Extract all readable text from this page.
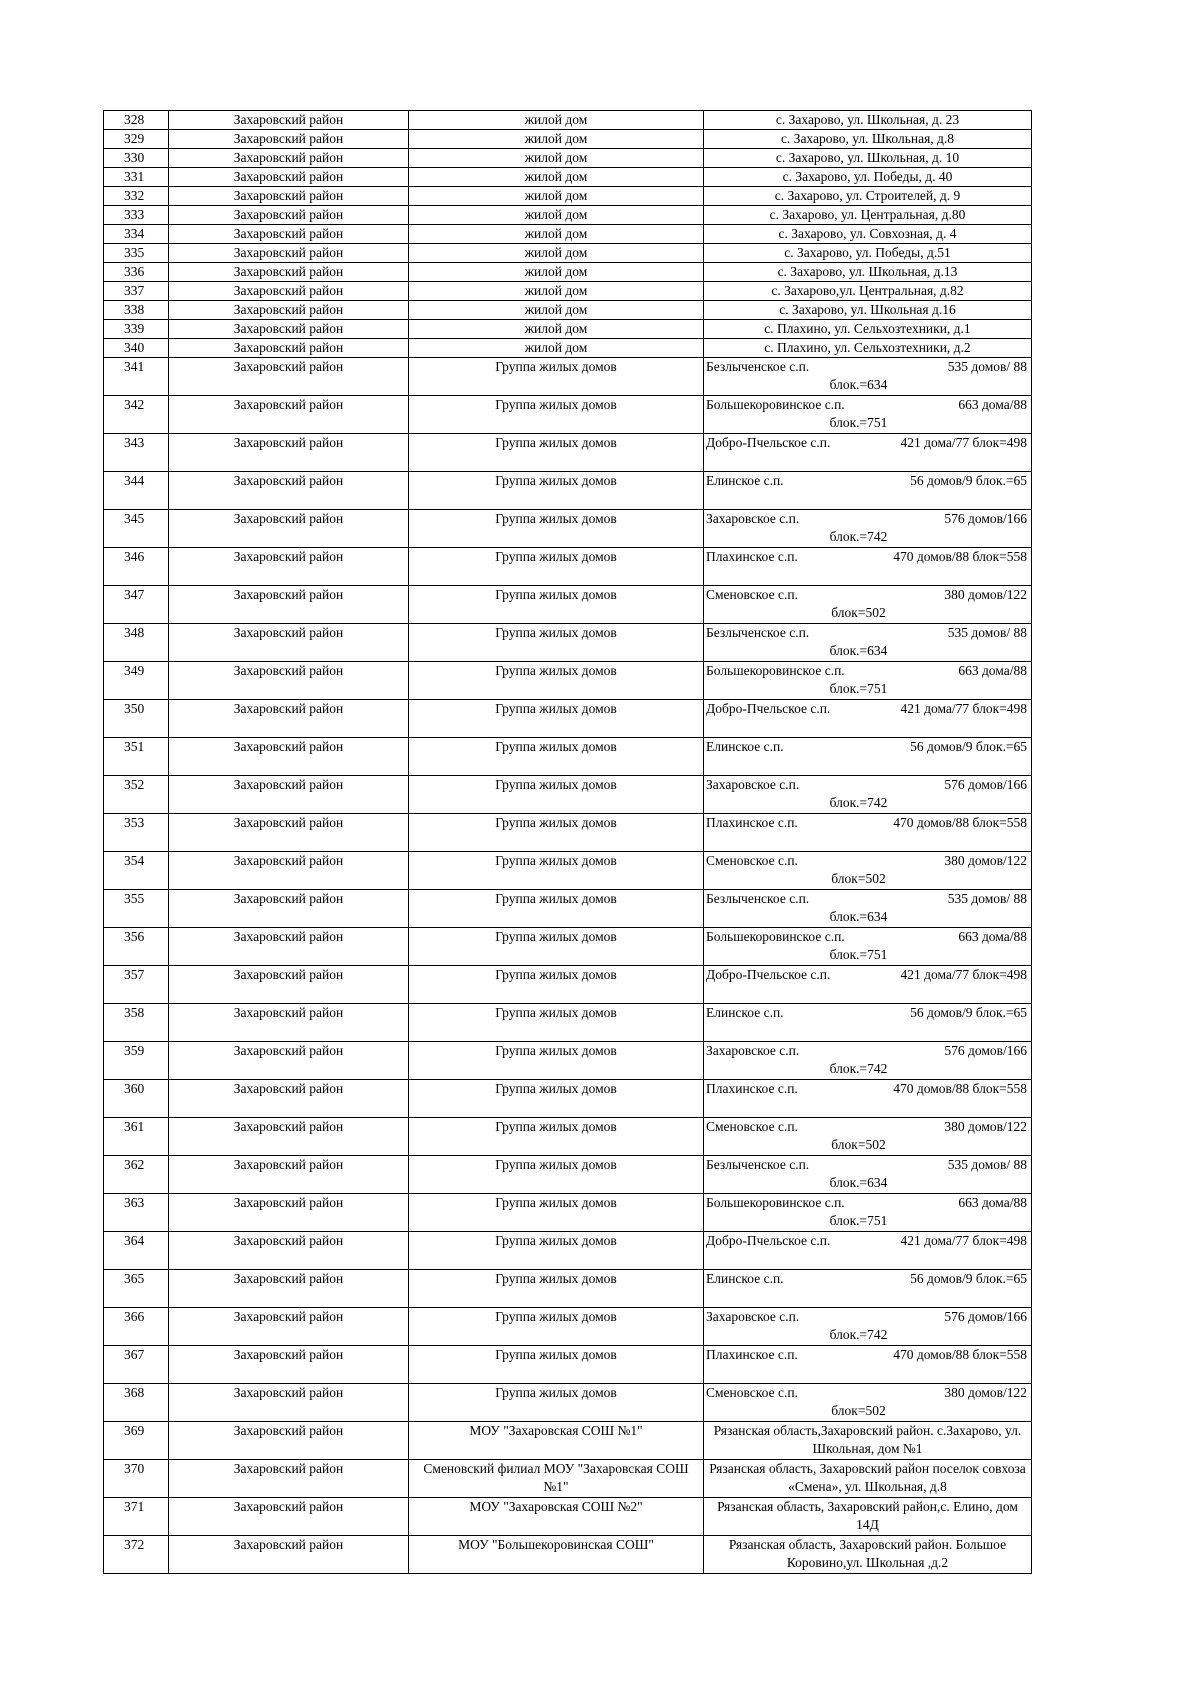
328	Захаровский район	жилой дом	с. Захарово, ул. Школьная, д. 23
329	Захаровский район	жилой дом	с. Захарово, ул. Школьная, д.8
330	Захаровский район	жилой дом	с. Захарово, ул. Школьная, д. 10
331	Захаровский район	жилой дом	с. Захарово, ул. Победы, д. 40
332	Захаровский район	жилой дом	с. Захарово, ул. Строителей, д. 9
333	Захаровский район	жилой дом	с. Захарово, ул. Центральная, д.80
334	Захаровский район	жилой дом	с. Захарово, ул. Совхозная, д. 4
335	Захаровский район	жилой дом	с. Захарово, ул. Победы, д.51
336	Захаровский район	жилой дом	с. Захарово, ул. Школьная, д.13
337	Захаровский район	жилой дом	с. Захарово,ул. Центральная, д.82
338	Захаровский район	жилой дом	с. Захарово, ул. Школьная д.16
339	Захаровский район	жилой дом	с. Плахино, ул. Сельхозтехники, д.1
340	Захаровский район	жилой дом	с. Плахино, ул. Сельхозтехники, д.2
341	Захаровский район	Группа жилых домов	Безлыченское с.п. 535 домов/ 88
блок.=634

342	Захаровский район	Группа жилых домов	Большекоровинское с.п. 663 дома/88
блок.=751

343	Захаровский район	Группа жилых домов	Добро-Пчельское с.п. 421 дома/77 блок=498

344	Захаровский район	Группа жилых домов	Елинское с.п. 56 домов/9 блок.=65

345	Захаровский район	Группа жилых домов	Захаровское с.п. 576 домов/166
блок.=742

346	Захаровский район	Группа жилых домов	Плахинское с.п. 470 домов/88 блок=558

347	Захаровский район	Группа жилых домов	Сменовское с.п. 380 домов/122
блок=502

348	Захаровский район	Группа жилых домов	Безлыченское с.п. 535 домов/ 88
блок.=634

349	Захаровский район	Группа жилых домов	Большекоровинское с.п. 663 дома/88
блок.=751

350	Захаровский район	Группа жилых домов	Добро-Пчельское с.п. 421 дома/77 блок=498

351	Захаровский район	Группа жилых домов	Елинское с.п. 56 домов/9 блок.=65

352	Захаровский район	Группа жилых домов	Захаровское с.п. 576 домов/166
блок.=742

353	Захаровский район	Группа жилых домов	Плахинское с.п. 470 домов/88 блок=558

354	Захаровский район	Группа жилых домов	Сменовское с.п. 380 домов/122
блок=502

355	Захаровский район	Группа жилых домов	Безлыченское с.п. 535 домов/ 88
блок.=634

356	Захаровский район	Группа жилых домов	Большекоровинское с.п. 663 дома/88
блок.=751

357	Захаровский район	Группа жилых домов	Добро-Пчельское с.п. 421 дома/77 блок=498

358	Захаровский район	Группа жилых домов	Елинское с.п. 56 домов/9 блок.=65

359	Захаровский район	Группа жилых домов	Захаровское с.п. 576 домов/166
блок.=742

360	Захаровский район	Группа жилых домов	Плахинское с.п. 470 домов/88 блок=558

361	Захаровский район	Группа жилых домов	Сменовское с.п. 380 домов/122
блок=502

362	Захаровский район	Группа жилых домов	Безлыченское с.п. 535 домов/ 88
блок.=634

363	Захаровский район	Группа жилых домов	Большекоровинское с.п. 663 дома/88
блок.=751

364	Захаровский район	Группа жилых домов	Добро-Пчельское с.п. 421 дома/77 блок=498

365	Захаровский район	Группа жилых домов	Елинское с.п. 56 домов/9 блок.=65

366	Захаровский район	Группа жилых домов	Захаровское с.п. 576 домов/166
блок.=742

367	Захаровский район	Группа жилых домов	Плахинское с.п. 470 домов/88 блок=558

368	Захаровский район	Группа жилых домов	Сменовское с.п. 380 домов/122
блок=502

369	Захаровский район	МОУ "Захаровская СОШ №1"	Рязанская область,Захаровский район. с.Захарово, ул. Школьная, дом №1
370	Захаровский район	Сменовский филиал МОУ "Захаровская СОШ №1"	Рязанская область, Захаровский район поселок совхоза «Смена», ул. Школьная, д.8
371	Захаровский район	МОУ "Захаровская СОШ №2"	Рязанская область, Захаровский район,с. Елино, дом 14Д
372	Захаровский район	МОУ "Большекоровинская СОШ"	Рязанская область, Захаровский район. Большое Коровино,ул. Школьная ,д.2
